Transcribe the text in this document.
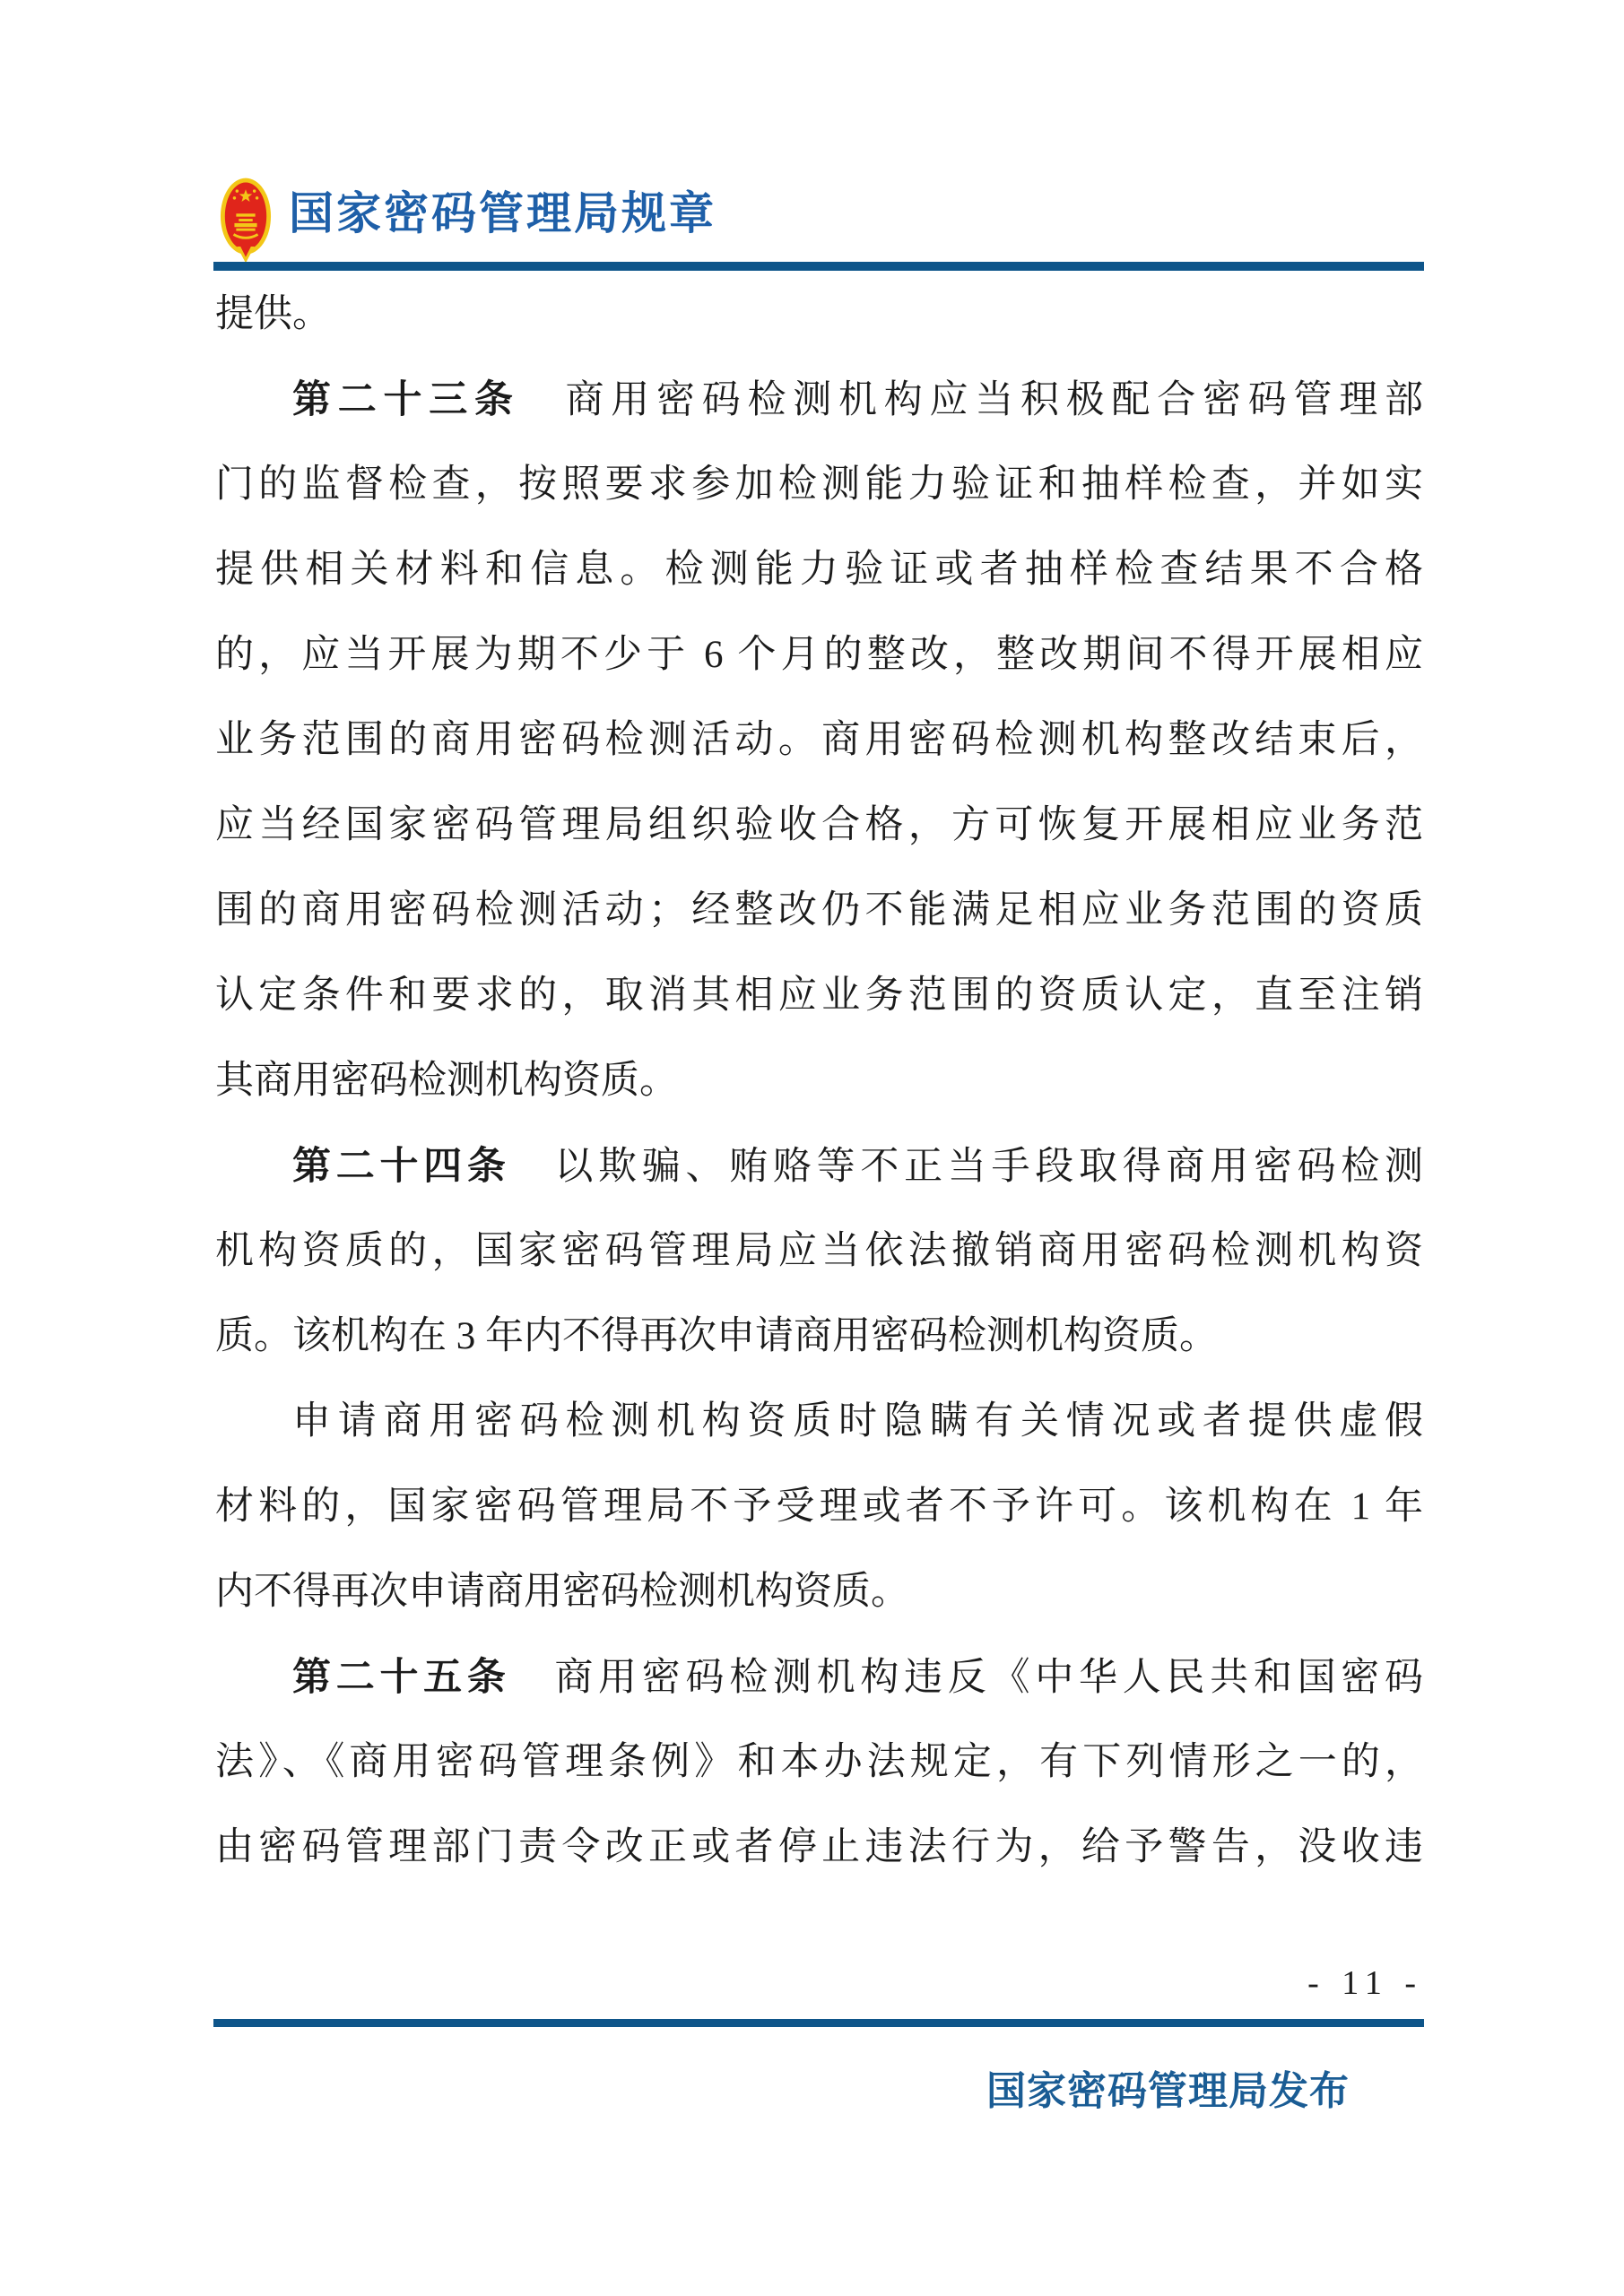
国家密码管理局规章
提供。
第二十三条　商用密码检测机构应当积极配合密码管理部
门的监督检查，按照要求参加检测能力验证和抽样检查，并如实
提供相关材料和信息。检测能力验证或者抽样检查结果不合格
的，应当开展为期不少于 6 个月的整改，整改期间不得开展相应
业务范围的商用密码检测活动。商用密码检测机构整改结束后，
应当经国家密码管理局组织验收合格，方可恢复开展相应业务范
围的商用密码检测活动；经整改仍不能满足相应业务范围的资质
认定条件和要求的，取消其相应业务范围的资质认定，直至注销
其商用密码检测机构资质。
第二十四条　以欺骗、贿赂等不正当手段取得商用密码检测
机构资质的，国家密码管理局应当依法撤销商用密码检测机构资
质。该机构在 3 年内不得再次申请商用密码检测机构资质。
申请商用密码检测机构资质时隐瞒有关情况或者提供虚假
材料的，国家密码管理局不予受理或者不予许可。该机构在 1 年
内不得再次申请商用密码检测机构资质。
第二十五条　商用密码检测机构违反《中华人民共和国密码
法》、《商用密码管理条例》和本办法规定，有下列情形之一的，
由密码管理部门责令改正或者停止违法行为，给予警告，没收违
- 11 -
国家密码管理局发布
